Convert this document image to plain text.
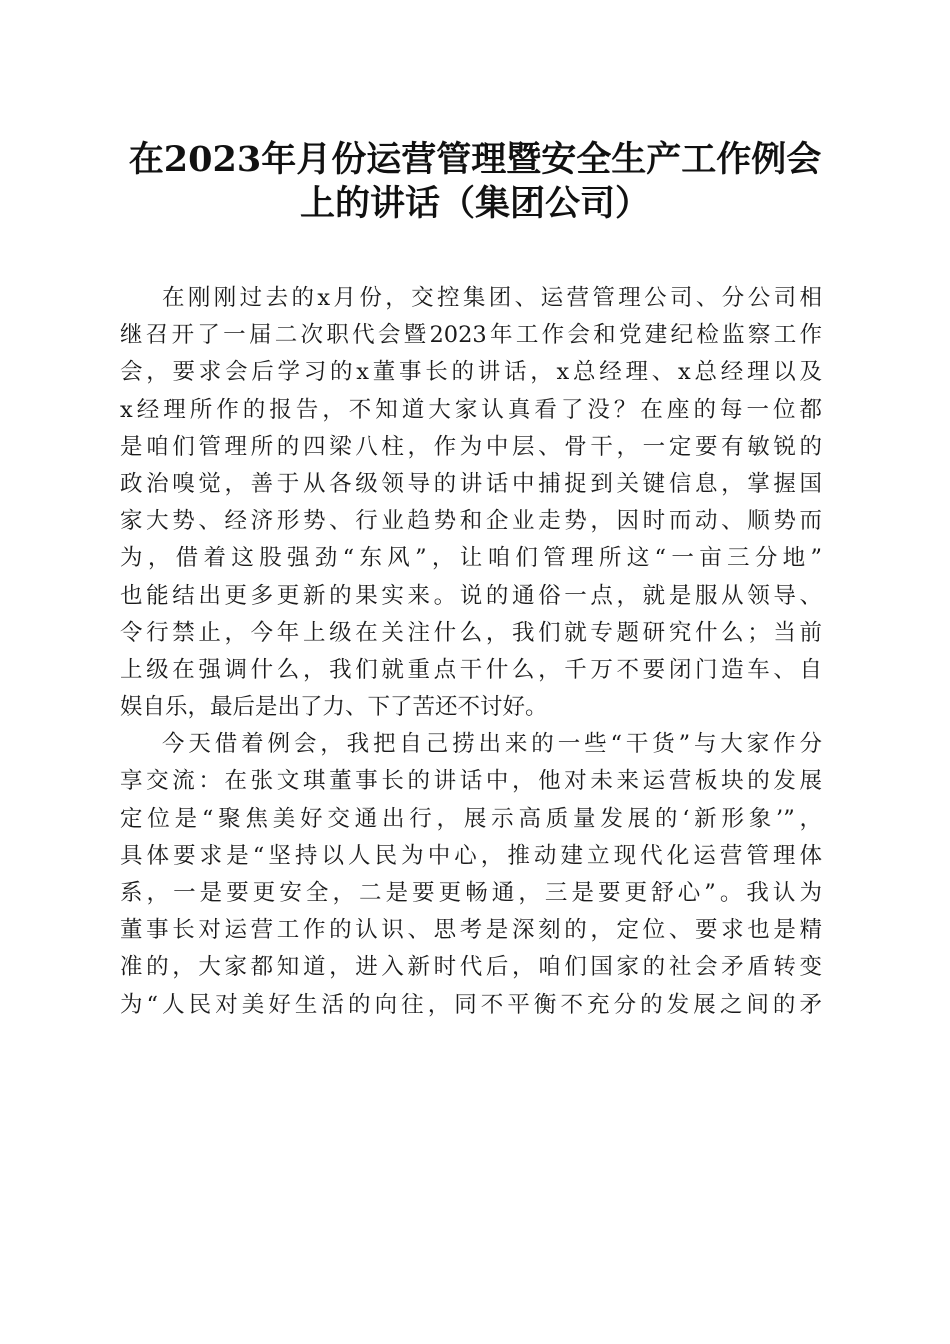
在2023年月份运营管理暨安全生产工作例会
上的讲话（集团公司）
在刚刚过去的x月份，交控集团、运营管理公司、分公司相
继召开了一届二次职代会暨2023年工作会和党建纪检监察工作
会，要求会后学习的x董事长的讲话，x总经理、x总经理以及
x经理所作的报告，不知道大家认真看了没？在座的每一位都
是咱们管理所的四梁八柱，作为中层、骨干，一定要有敏锐的
政治嗅觉，善于从各级领导的讲话中捕捉到关键信息，掌握国
家大势、经济形势、行业趋势和企业走势，因时而动、顺势而
为，借着这股强劲“东风”，让咱们管理所这“一亩三分地”
也能结出更多更新的果实来。说的通俗一点，就是服从领导、
令行禁止，今年上级在关注什么，我们就专题研究什么；当前
上级在强调什么，我们就重点干什么，千万不要闭门造车、自
娱自乐，最后是出了力、下了苦还不讨好。
今天借着例会，我把自己捞出来的一些“干货”与大家作分
享交流：在张文琪董事长的讲话中，他对未来运营板块的发展
定位是“聚焦美好交通出行，展示高质量发展的‘新形象’”，
具体要求是“坚持以人民为中心，推动建立现代化运营管理体
系，一是要更安全，二是要更畅通，三是要更舒心”。我认为
董事长对运营工作的认识、思考是深刻的，定位、要求也是精
准的，大家都知道，进入新时代后，咱们国家的社会矛盾转变
为“人民对美好生活的向往，同不平衡不充分的发展之间的矛
